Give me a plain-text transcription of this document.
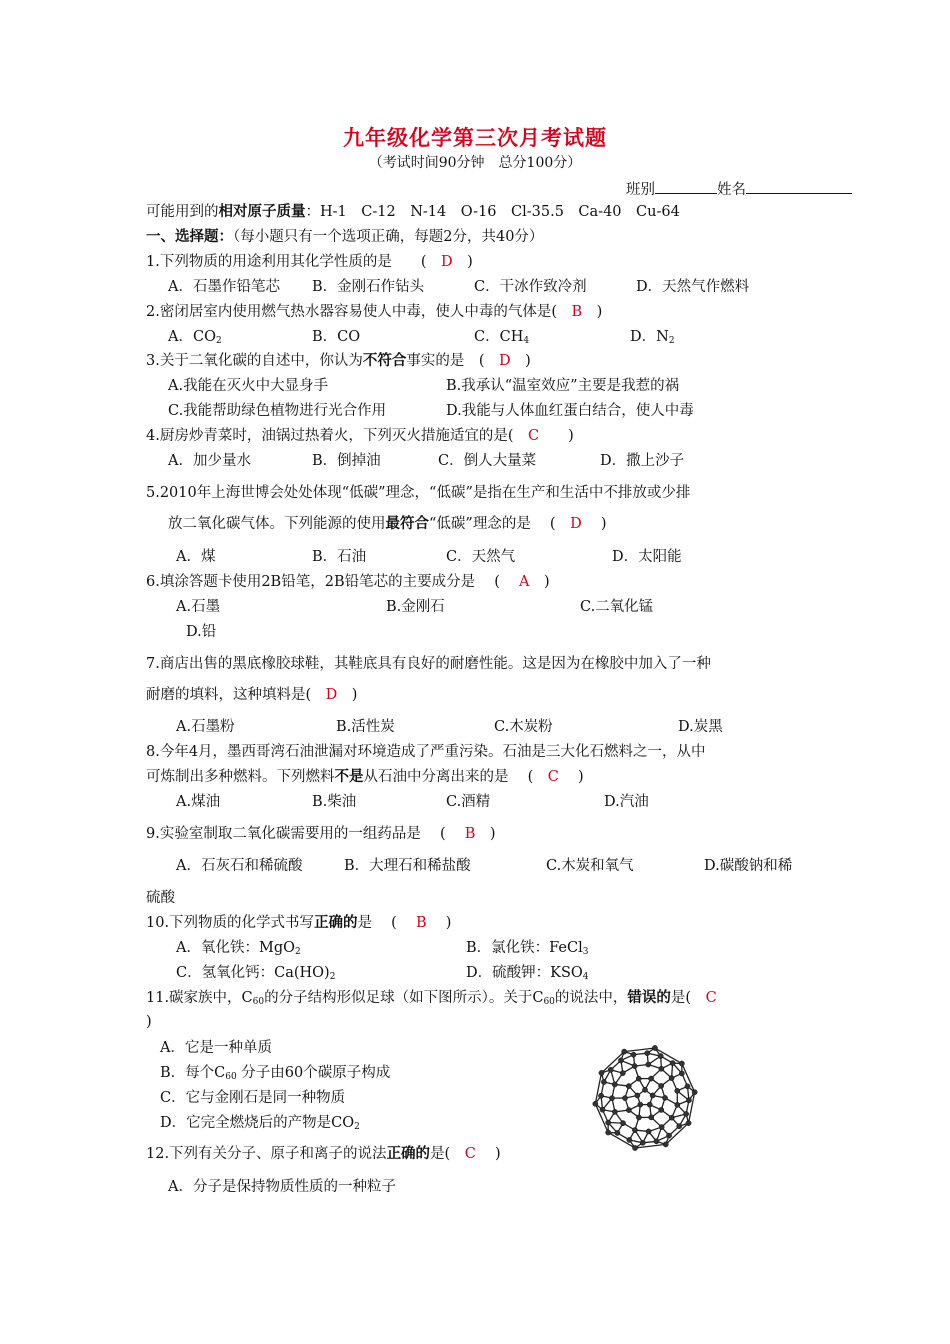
九年级化学第三次月考试题
（考试时间90分钟　总分100分）
班别	姓名
可能用到的相对原子质量：H-1　C-12　N-14　O-16　Cl-35.5　Ca-40　Cu-64
一、选择题：（每小题只有一个选项正确，每题2分，共40分）
1.下列物质的用途利用其化学性质的是　　(　D　)
A．石墨作铅笔芯 B．金刚石作钻头	C．干冰作致冷剂	D．天然气作燃料
2.密闭居室内使用燃气热水器容易使人中毒，使人中毒的气体是(　 B　)
A．$CO_2$	B．CO	C．$CH_4$	D．$N_2$
3.关于二氧化碳的自述中，你认为不符合事实的是　(　D　)
A.我能在灭火中大显身手	B.我承认“温室效应”主要是我惹的祸
C.我能帮助绿色植物进行光合作用	D.我能与人体血红蛋白结合，使人中毒
4.厨房炒青菜时，油锅过热着火，下列灭火措施适宜的是(　 C　　)
A．加少量水	B．倒掉油	C．倒人大量菜	D．撒上沙子
5.2010年上海世博会处处体现“低碳”理念，“低碳”是指在生产和生活中不排放或少排
放二氧化碳气体。下列能源的使用最符合“低碳”理念的是　 (　D　 )
A．煤	B．石油	C．天然气	D．太阳能
6.填涂答题卡使用2B铅笔，2B铅笔芯的主要成分是　 (　 A　)
A.石墨	B.金刚石	C.二氧化锰
D.铅
7.商店出售的黑底橡胶球鞋，其鞋底具有良好的耐磨性能。这是因为在橡胶中加入了一种
耐磨的填料，这种填料是(　 D　)
A.石墨粉	B.活性炭	C.木炭粉	D.炭黑
8.今年4月，墨西哥湾石油泄漏对环境造成了严重污染。石油是三大化石燃料之一，从中
可炼制出多种燃料。下列燃料不是从石油中分离出来的是　 (　C　 )
A.煤油	B.柴油	C.酒精	D.汽油
9.实验室制取二氧化碳需要用的一组药品是　 (　 B　)
A．石灰石和稀硫酸	B．大理石和稀盐酸	C.木炭和氧气	D.碳酸钠和稀
硫酸
10.下列物质的化学式书写正确的是　 (　 B　 )
A．氧化铁：MgO$_2$	B．氯化铁：FeCl$_3$
C．氢氧化钙：$Ca(HO)_2$	D．硫酸钾：$KSO_4$
11.碳家族中，$C_{60}$的分子结构形似足球（如下图所示）。关于$C_{60}$的说法中，错误的是(　 C
)
A．它是一种单质
B．每个$C_{60}$ 分子由60个碳原子构成
C．它与金刚石是同一种物质
D．它完全燃烧后的产物是$CO_2$
12.下列有关分子、原子和离子的说法正确的是(　 C　 )
A．分子是保持物质性质的一种粒子
